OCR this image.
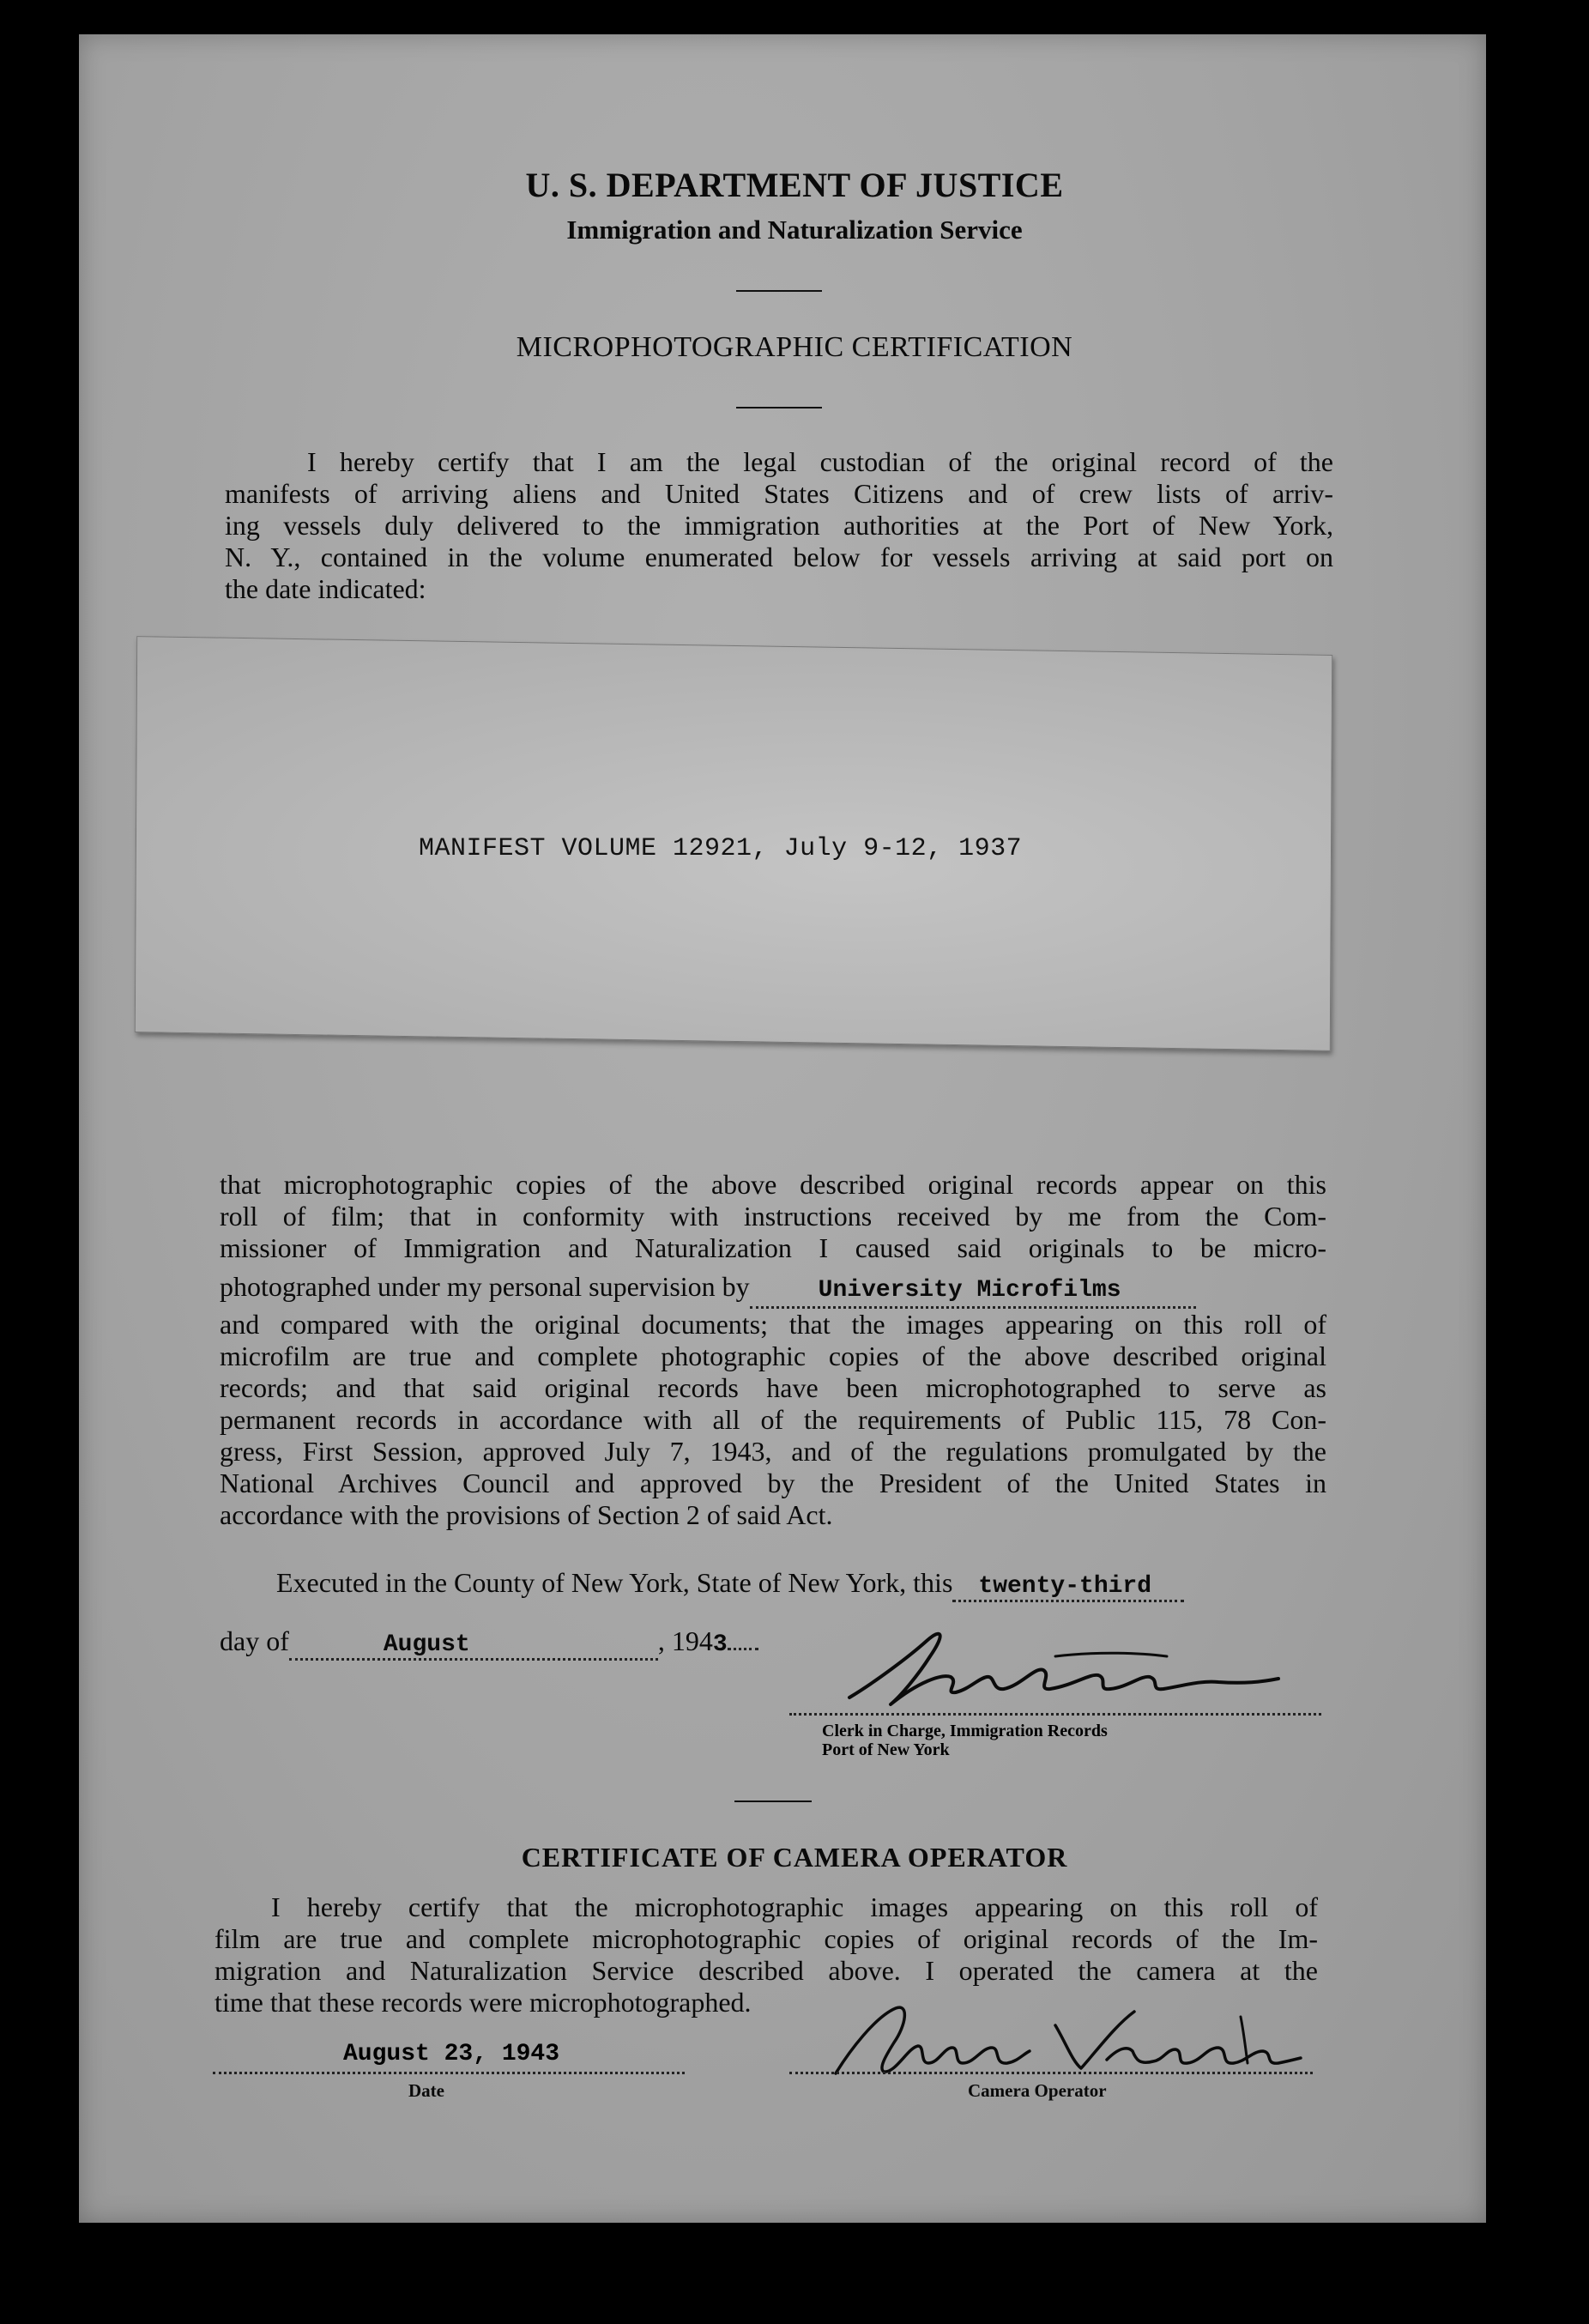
U. S. DEPARTMENT OF JUSTICE
Immigration and Naturalization Service
MICROPHOTOGRAPHIC CERTIFICATION
I hereby certify that I am the legal custodian of the original record of the
manifests of arriving aliens and United States Citizens and of crew lists of arriv-
ing vessels duly delivered to the immigration authorities at the Port of New York,
N. Y., contained in the volume enumerated below for vessels arriving at said port on
the date indicated:
MANIFEST VOLUME 12921, July 9-12, 1937
that microphotographic copies of the above described original records appear on this
roll of film; that in conformity with instructions received by me from the Com-
missioner of Immigration and Naturalization I caused said originals to be micro-
photographed under my personal supervision by	University Microfilms
and compared with the original documents; that the images appearing on this roll of
microfilm are true and complete photographic copies of the above described original
records; and that said original records have been microphotographed to serve as
permanent records in accordance with all of the requirements of Public 115, 78 Con-
gress, First Session, approved July 7, 1943, and of the regulations promulgated by the
National Archives Council and approved by the President of the United States in
accordance with the provisions of Section 2 of said Act.
Executed in the County of New York, State of New York, this twenty-third
day of	August	, 1943
Clerk in Charge, Immigration Records
Port of New York
CERTIFICATE OF CAMERA OPERATOR
I hereby certify that the microphotographic images appearing on this roll of
film are true and complete microphotographic copies of original records of the Im-
migration and Naturalization Service described above. I operated the camera at the
time that these records were microphotographed.
August 23, 1943
Date	Camera Operator
